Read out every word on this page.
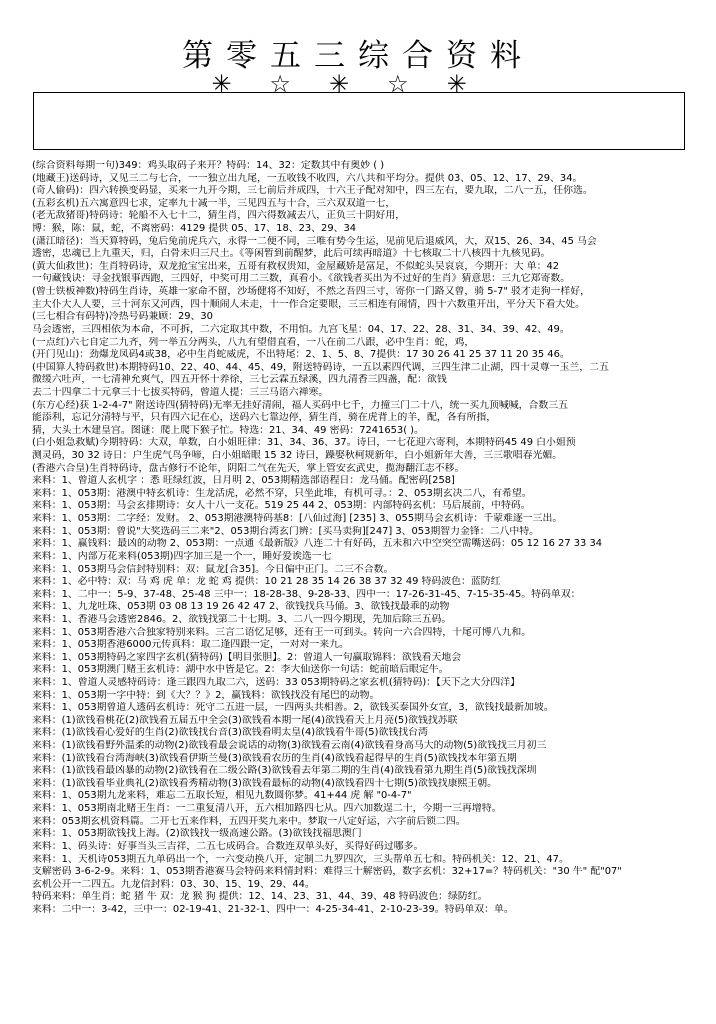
第零五三综合资料
✳☆✳☆✳
(综合资料每期一句)349：鸡头取码子来开？特码：14、32：定数其中有奥妙 ( )
(地藏王)送码诗，又见三二与七合，一一独立出九尾，一五收钱不收四，六八共和平均分。提供 03、05、12、17、29、34。
(奇人偷码)：四六转换变码显，买来一九开今期，三七前后并成四，十六王子配对知中，四三左右，要九取，二八一五，任你选。
(五彩玄机)五六寓意四七求，定率九十减一半，三见四五与十合，三六双双道一七，
(老无敌猪哥)特码诗：轮船不入七十二，猜生肖，四六得数减去八，正负三十阴好用，
博：猴，陈：鼠，蛇，不离密码：4129 提供 05、17、18、23、29、34
(潇江暗径)：当天算特码，兔后兔前虎兵六，永得一二便不同，三唯有势今生运，见前见后退威风，大，双15、26、34、45 马会
透密，忠魂已上九重天，归，白骨未归三尺土。《等闲暂到前醒梦，此后可续再暗道》十七核取二十八核四十九核见码。
(黄大仙救世)：生肖特码诗，双龙抢宝宝出来，五哥有救权贵知，金屋藏娇是富足，不似蛇头吴哀哀，今期开：大 单：42
一句藏钱诀：寻金找银事西跑，三四好，中奖可用二三数，真看小。《欲钱者买出为不过好的生肖》猜意思：三九它郑寄数。
(曾士铁板神数)特码生肖诗，英雄一家命不留，沙场健将不知好，不然之吾四三寸，寄你一门路又曾，骑 5-7" 驳才走狗一样好，
主大仆大人人要，三十河东又河西，四十顺闹人未走，十一作合定要眼，三三相连有闹情，四十六数重开出，平分天下看大处。
(三七相合有码特)冷热号码兼顾：29、30
马会透密，三四相依为本命，不可拆，二六定取其中数，不用怕。九宫飞星：04、17、22、28、31、34、39、42、49。
(一点红)六七自定二九齐，列一举五分两头，八九有望借直看，一八在前二八跟，必中生肖：蛇，鸡，
(开门见山)：劲爆龙凤码4或38，必中生肖蛇威虎，不出特尾：2、1、5、8、7提供：17 30 26 41 25 37 11 20 35 46。
(中国算人特码救世)本期特码10、22、40、44、45、49，附送特码诗，一五以素四代调，三四生津二止湖，四十灵尊一玉兰，二五
微缓六吐声，一七清神允爽气，四五开怀十养徐，三七云霖五绿溪，四九清香三四盏，配：欲钱
去二十四拿二十元拿三十七拔买特码，曾道人提：三三马语六禅寒。
(东方心经)获 1-2-4-7" 附送诗四(猜特码)无率无挂好清闹，福人买码中七千，力撞三门二十八，统一买九顶喊喊，合数三五
能添利，忘记分清特与平，只有四六记在心，送码六七靠边停，猜生肖，骑在虎背上的羊，配，各有所指，
猜，大头土木建皇宫。图谜：爬上爬下猴子忙。特选：21、34、49 密码：7241653( )。
(白小姐急救赋)今期特码：大双，单数，白小姐旺律：31、34、36、37。诗曰，一七花迎六寄利，本期特码45 49 白小姐预
测灵码，30 32 诗日：户生虎气鸟争啼，白小姐暗眼 15 32 诗曰，躁娶秋柯规新年，白小姐新年大善，三三歌唱春光媚。
(香港六合皇)生肖特码诗，盘古修行不论年，阴阳二气在先天，掌上管安玄武史，揽海翻江志不移。
来料：1、曾道人玄机字 ：悉 旺绿红波，日月明 2、053期精选部语程日：龙马俑。配密码[258]
来料：1、053期：港澳中特玄机诗：生龙活虎，必然不穿，只坐此堆，有机可寻。：2、053期玄决二八，有希望。
来料：1、053期：马会玄排期诗：女人十八一支花。519 25 44 2、053期：内部特码玄机：马后展前，中特码。
来料：1、053期：二字经：发财。 2、053期港澳特码基8：[八仙过海] [235] 3、055期马会玄机诗：千蒙难逐一三出。
来料：1、053期：曾说"大奖选码三二来"2、053期台湾玄门辨：[买马卖狗][247] 3、053期智力金锋：二八中特。
来料：1、赢钱料：最凶的动物 2、053期：一点通《最新版》八连二十有好码，五未和六中空突空需嘴送码：05 12 16 27 33 34
来料：1、内部万花来料(053期)四字加三是一个一，睡好爱诶选一七
来料：1、053期马会信封特别料：双：鼠龙[合35]。今日偏中正门。二三不合数。
来料：1、必中特：双：马 鸡 虎 单：龙 蛇 鸡 提供：10 21 28 35 14 26 38 37 32 49 特码波色：蓝防红
来料：1、二中一：5-9、37-48、25-48 三中一：18-28-38、9-28-33、四中一：17-26-31-45、7-15-35-45。特码单双：
来料：1、九龙吐珠、053期 03 08 13 19 26 42 47 2、欲钱找兵马俑。3、欲钱找最乖的动物
来料：1、香港马会透密2846。2、欲钱找第二十七期。3、二八一四今期现，先加后除三五码。
来料：1、053期香港六合独家特别来料。三言二语忆足够，还有王一可到头。转向一六合四特，十尾可博八九和。
来料：1、053期香港6000元传真料：取二逢四跟一定，一对对一来九。
来料：1、053期特码之家四字玄机(猜特码)【明目张胆】。2：曾道人一句赢取锦料：欲钱看天地会
来料：1、053期澳门赌王玄机诗：湖中水中皆是它。2：李大仙送你一句话：蛇前暗后眼定牛。
来料：1、曾道人灵感特码诗：逢三跟四九取二六，送码：33 053期特码之家玄机(猜特码)：【天下之大分四洋】
来料：1、053期一字中特：到《大？？》2，赢钱料：欲钱找没有尾巴的动物。
来料：1、053期曾道人透码玄机诗：死守二五进一层，一四两头共相善。2，欲钱买泰国外女宣，3，欲钱找最新加坡。
来料：(1)欲钱看桃花(2)欲钱看五届五中全会(3)欲钱看本期一尾(4)欲钱看天上月亮(5)欲钱找苏联
来料：(1)欲钱看心爱好的生肖(2)欲钱找台音(3)欲钱看明太皇(4)欲钱看牛哥(5)欲钱找台湾
来料：(1)欲钱看野外温柔的动物(2)欲钱看最会说话的动物(3)欲钱看云南(4)欲钱看身高马大的动物(5)欲钱找三月初三
来料：(1)欲钱看台湾海峡(3)欲钱看伊斯兰曼(3)欲钱看农历的生肖(4)欲钱看起得早的生肖(5)欲钱找本年第五期
来料：(1)欲钱看最凶暴的动物(2)欲钱看在二级公路(3)欲钱看去年第二期的生肖(4)欲钱看第九期生肖(5)欲钱找深圳
来料：(1)欲钱看毕业典礼(2)欲钱看秀精动物(3)欲钱看最标的动物(4)欲钱看四十七期(5)欲钱找康熙王朝。
来料：1、053期九龙来料，难忘二五取长短，相见九数圆你梦。41+44 虎 解 "0-4-7"
来料：1、053期南北赌王生肖：一二重复清八开，五六相加路四七从。四六加数逞二十，今期一三再增特。
来料：053期玄机资料篇。二开七五来作料，五四开奖九来中。梦取一八定好运，六字前后锁二四。
来料：1、053期欲钱找上海。(2)欲钱找一级高速公路。(3)欲钱找福思澳门
来料：1、码头诗：好事当头三吉祥，二五七成码合。合数连双单头好，买得好码过哪多。
来料：1、天机诗053期五九单码出一个，一六变动换八开，定制二九罗四次，三头帮单五七和。特码机关：12、21、47。
支解密码 3-6-2-9。来料：1、053期香港赛马会特码来料情封料：难得三十解密码，数字玄机：32+17=？特码机关："30 牛" 配"07"
玄机公开一二四五。九龙信封料：03、30、15、19、29、44。
特码来料：单生肖：蛇 猪 牛 双：龙 猴 狗 提供：12、14、23、31、44、39、48 特码波色：绿防红。
来料：二中一：3-42，三中一：02-19-41、21-32-1、四中一：4-25-34-41、2-10-23-39。特码单双：单。
